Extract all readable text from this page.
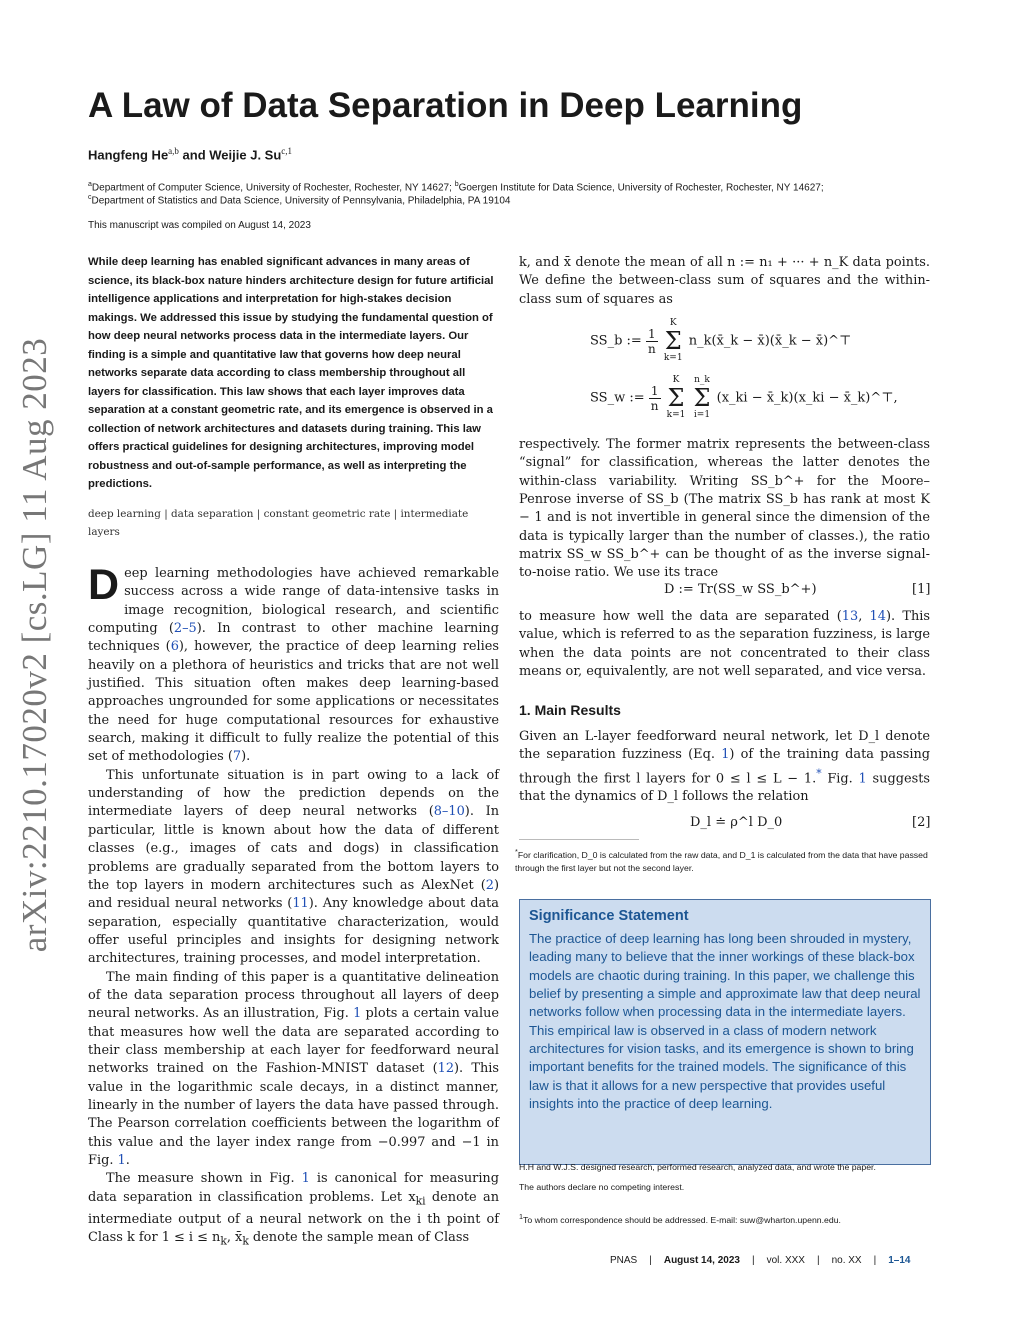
arXiv:2210.17020v2 [cs.LG] 11 Aug 2023
A Law of Data Separation in Deep Learning
Hangfeng He$^{a,b}$ and Weijie J. Su$^{c,1}$
$^a$Department of Computer Science, University of Rochester, Rochester, NY 14627; $^b$Goergen Institute for Data Science, University of Rochester, Rochester, NY 14627;
$^c$Department of Statistics and Data Science, University of Pennsylvania, Philadelphia, PA 19104
This manuscript was compiled on August 14, 2023

While deep learning has enabled significant advances in many areas of science, its black-box nature hinders architecture design for future artificial intelligence applications and interpretation for high-stakes decision makings. We addressed this issue by studying the fundamental question of how deep neural networks process data in the intermediate layers. Our finding is a simple and quantitative law that governs how deep neural networks separate data according to class membership throughout all layers for classification. This law shows that each layer improves data separation at a constant geometric rate, and its emergence is observed in a collection of network architectures and datasets during training. This law offers practical guidelines for designing architectures, improving model robustness and out-of-sample performance, as well as interpreting the predictions.

deep learning | data separation | constant geometric rate | intermediate layers

Deep learning methodologies have achieved remarkable success across a wide range of data-intensive tasks in image recognition, biological research, and scientific computing (2–5). In contrast to other machine learning techniques (6), however, the practice of deep learning relies heavily on a plethora of heuristics and tricks that are not well justified. This situation often makes deep learning-based approaches ungrounded for some applications or necessitates the need for huge computational resources for exhaustive search, making it difficult to fully realize the potential of this set of methodologies (7).

This unfortunate situation is in part owing to a lack of understanding of how the prediction depends on the intermediate layers of deep neural networks (8–10). In particular, little is known about how the data of different classes (e.g., images of cats and dogs) in classification problems are gradually separated from the bottom layers to the top layers in modern architectures such as AlexNet (2) and residual neural networks (11). Any knowledge about data separation, especially quantitative characterization, would offer useful principles and insights for designing network architectures, training processes, and model interpretation.

The main finding of this paper is a quantitative delineation of the data separation process throughout all layers of deep neural networks. As an illustration, Fig. 1 plots a certain value that measures how well the data are separated according to their class membership at each layer for feedforward neural networks trained on the Fashion-MNIST dataset (12). This value in the logarithmic scale decays, in a distinct manner, linearly in the number of layers the data have passed through. The Pearson correlation coefficients between the logarithm of this value and the layer index range from −0.997 and −1 in Fig. 1.

The measure shown in Fig. 1 is canonical for measuring data separation in classification problems. Let $x_{ki}$ denote an intermediate output of a neural network on the i th point of Class k for $1 \le i \le n_k$, $x̄_k$ denote the sample mean of Class

k, and x̄ denote the mean of all n := n₁ + ··· + n_K data points. We define the between-class sum of squares and the within-class sum of squares as

SS_b := $\frac{1}{n}$
K
Σ
k=1 n_k(x̄_k − x̄)(x̄_k − x̄)^⊤
SS_w := $\frac{1}{n}$
K
Σ
k=1 n_k
Σ
i=1 (x_ki − x̄_k)(x_ki − x̄_k)^⊤,

respectively. The former matrix represents the between-class “signal” for classification, whereas the latter denotes the within-class variability. Writing SS_b^+ for the Moore–Penrose inverse of SS_b (The matrix SS_b has rank at most K − 1 and is not invertible in general since the dimension of the data is typically larger than the number of classes.), the ratio matrix SS_w SS_b^+ can be thought of as the inverse signal-to-noise ratio. We use its trace

D := Tr(SS_w SS_b^+)	[1]

to measure how well the data are separated (13, 14). This value, which is referred to as the separation fuzziness, is large when the data points are not concentrated to their class means or, equivalently, are not well separated, and vice versa.

1. Main Results

Given an L-layer feedforward neural network, let D_l denote the separation fuzziness (Eq. 1) of the training data passing through the first l layers for 0 ≤ l ≤ L − 1.* Fig. 1 suggests that the dynamics of D_l follows the relation

D_l ≐ ρ^l D_0	[2]
*For clarification, D_0 is calculated from the raw data, and D_1 is calculated from the data that have passed through the first layer but not the second layer.
Significance Statement

The practice of deep learning has long been shrouded in mystery, leading many to believe that the inner workings of these black-box models are chaotic during training. In this paper, we challenge this belief by presenting a simple and approximate law that deep neural networks follow when processing data in the intermediate layers. This empirical law is observed in a class of modern network architectures for vision tasks, and its emergence is shown to bring important benefits for the trained models. The significance of this law is that it allows for a new perspective that provides useful insights into the practice of deep learning.

H.H and W.J.S. designed research, performed research, analyzed data, and wrote the paper.
The authors declare no competing interest.
$^1$To whom correspondence should be addressed. E-mail: suw@wharton.upenn.edu.
PNAS | August 14, 2023 | vol. XXX | no. XX | 1–14
